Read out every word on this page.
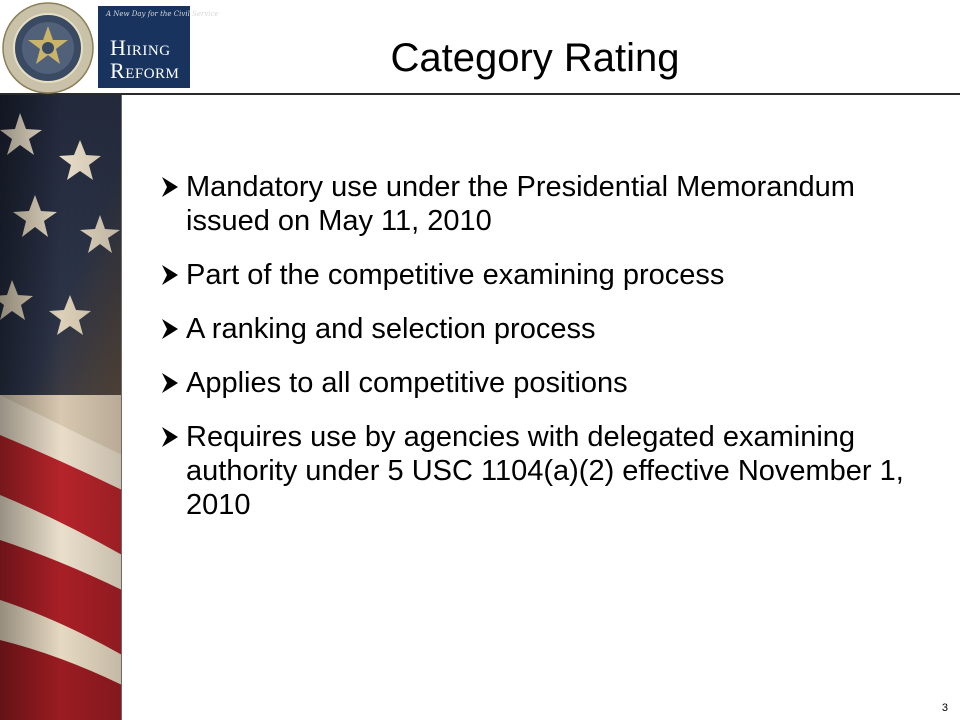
A New Day for the Civil Service
HIRING
REFORM	Category Rating
Mandatory use under the Presidential Memorandum issued on May 11, 2010
Part of the competitive examining process
A ranking and selection process
Applies to all competitive positions
Requires use by agencies with delegated examining authority under 5 USC 1104(a)(2) effective November 1, 2010
3
